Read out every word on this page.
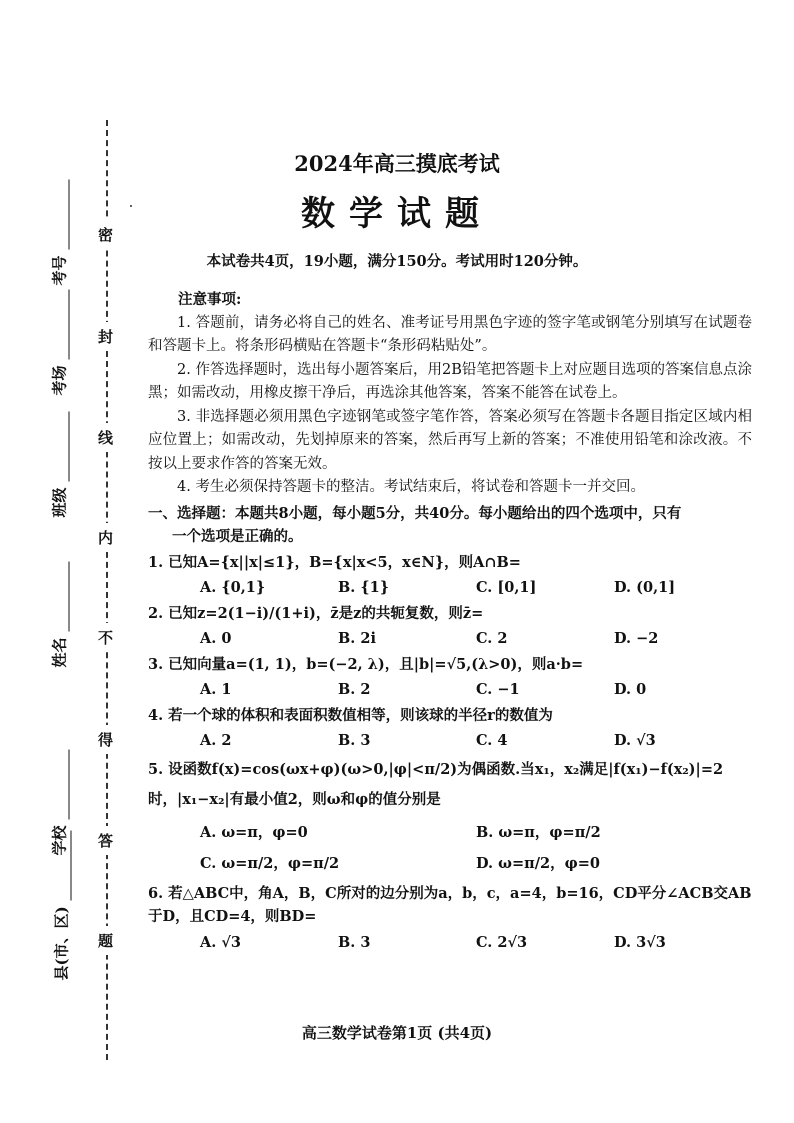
考号
考场
班级
姓名
学校
县(市、区)
密
封
线
内
不
得
答
题
2024年高三摸底考试
数学试题
本试卷共4页，19小题，满分150分。考试用时120分钟。
注意事项:

1. 答题前，请务必将自己的姓名、准考证号用黑色字迹的签字笔或钢笔分别填写在试题卷和答题卡上。将条形码横贴在答题卡“条形码粘贴处”。

2. 作答选择题时，选出每小题答案后，用2B铅笔把答题卡上对应题目选项的答案信息点涂黑；如需改动，用橡皮擦干净后，再选涂其他答案，答案不能答在试卷上。

3. 非选择题必须用黑色字迹钢笔或签字笔作答，答案必须写在答题卡各题目指定区域内相应位置上；如需改动，先划掉原来的答案，然后再写上新的答案；不准使用铅笔和涂改液。不按以上要求作答的答案无效。

4. 考生必须保持答题卡的整洁。考试结束后，将试卷和答题卡一并交回。

一、选择题：本题共8小题，每小题5分，共40分。每小题给出的四个选项中，只有
一个选项是正确的。
1. 已知A={x||x|≤1}，B={x|x<5，x∈N}，则A∩B=
A. {0,1}	B. {1}	C. [0,1]	D. (0,1]
2. 已知z=2(1−i)/(1+i)，z̄是z的共轭复数，则z̄=
A. 0	B. 2i	C. 2	D. −2
3. 已知向量a=(1, 1)，b=(−2, λ)，且|b|=√5,(λ>0)，则a·b=
A. 1	B. 2	C. −1	D. 0
4. 若一个球的体积和表面积数值相等，则该球的半径r的数值为
A. 2	B. 3	C. 4	D. √3
5. 设函数f(x)=cos(ωx+φ)(ω>0,|φ|<π/2)为偶函数.当x₁，x₂满足|f(x₁)−f(x₂)|=2时，|x₁−x₂|有最小值2，则ω和φ的值分别是
A. ω=π，φ=0	B. ω=π，φ=π/2
C. ω=π/2，φ=π/2	D. ω=π/2，φ=0
6. 若△ABC中，角A，B，C所对的边分别为a，b，c，a=4，b=16，CD平分∠ACB交AB于D，且CD=4，则BD=
A. √3	B. 3	C. 2√3	D. 3√3
高三数学试卷第1页 (共4页)
